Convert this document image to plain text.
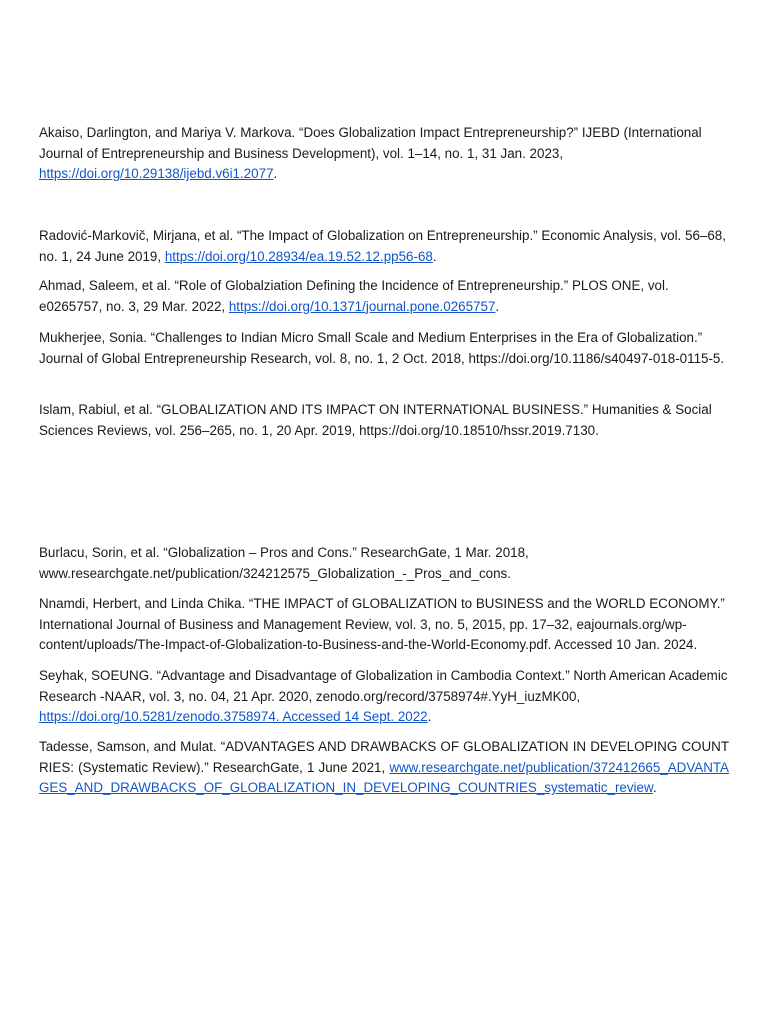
Akaiso, Darlington, and Mariya V. Markova. “Does Globalization Impact Entrepreneurship?” IJEBD (International Journal of Entrepreneurship and Business Development), vol. 1–14, no. 1, 31 Jan. 2023, https://doi.org/10.29138/ijebd.v6i1.2077.

Radović-Markovič, Mirjana, et al. “The Impact of Globalization on Entrepreneurship.” Economic Analysis, vol. 56–68, no. 1, 24 June 2019, https://doi.org/10.28934/ea.19.52.12.pp56-68.

Ahmad, Saleem, et al. “Role of Globalziation Defining the Incidence of Entrepreneurship.” PLOS ONE, vol. e0265757, no. 3, 29 Mar. 2022, https://doi.org/10.1371/journal.pone.0265757.

Mukherjee, Sonia. “Challenges to Indian Micro Small Scale and Medium Enterprises in the Era of Globalization.” Journal of Global Entrepreneurship Research, vol. 8, no. 1, 2 Oct. 2018, https://doi.org/10.1186/s40497-018-0115-5.

Islam, Rabiul, et al. “GLOBALIZATION AND ITS IMPACT ON INTERNATIONAL BUSINESS.” Humanities & Social Sciences Reviews, vol. 256–265, no. 1, 20 Apr. 2019, https://doi.org/10.18510/hssr.2019.7130.

Burlacu, Sorin, et al. “Globalization – Pros and Cons.” ResearchGate, 1 Mar. 2018, www.researchgate.net/publication/324212575_Globalization_-_Pros_and_cons.

Nnamdi, Herbert, and Linda Chika. “THE IMPACT of GLOBALIZATION to BUSINESS and the WORLD ECONOMY.” International Journal of Business and Management Review, vol. 3, no. 5, 2015, pp. 17–32, eajournals.org/wp-content/uploads/The-Impact-of-Globalization-to-Business-and-the-World-Economy.pdf. Accessed 10 Jan. 2024.

Seyhak, SOEUNG. “Advantage and Disadvantage of Globalization in Cambodia Context.” North American Academic Research -NAAR, vol. 3, no. 04, 21 Apr. 2020, zenodo.org/record/3758974#.YyH_iuzMK00, https://doi.org/10.5281/zenodo.3758974. Accessed 14 Sept. 2022.

Tadesse, Samson, and Mulat. “ADVANTAGES AND DRAWBACKS OF GLOBALIZATION IN DEVELOPING COUNTRIES: (Systematic Review).” ResearchGate, 1 June 2021, www.researchgate.net/publication/372412665_ADVANTAGES_AND_DRAWBACKS_OF_GLOBALIZATION_IN_DEVELOPING_COUNTRIES_systematic_review.
